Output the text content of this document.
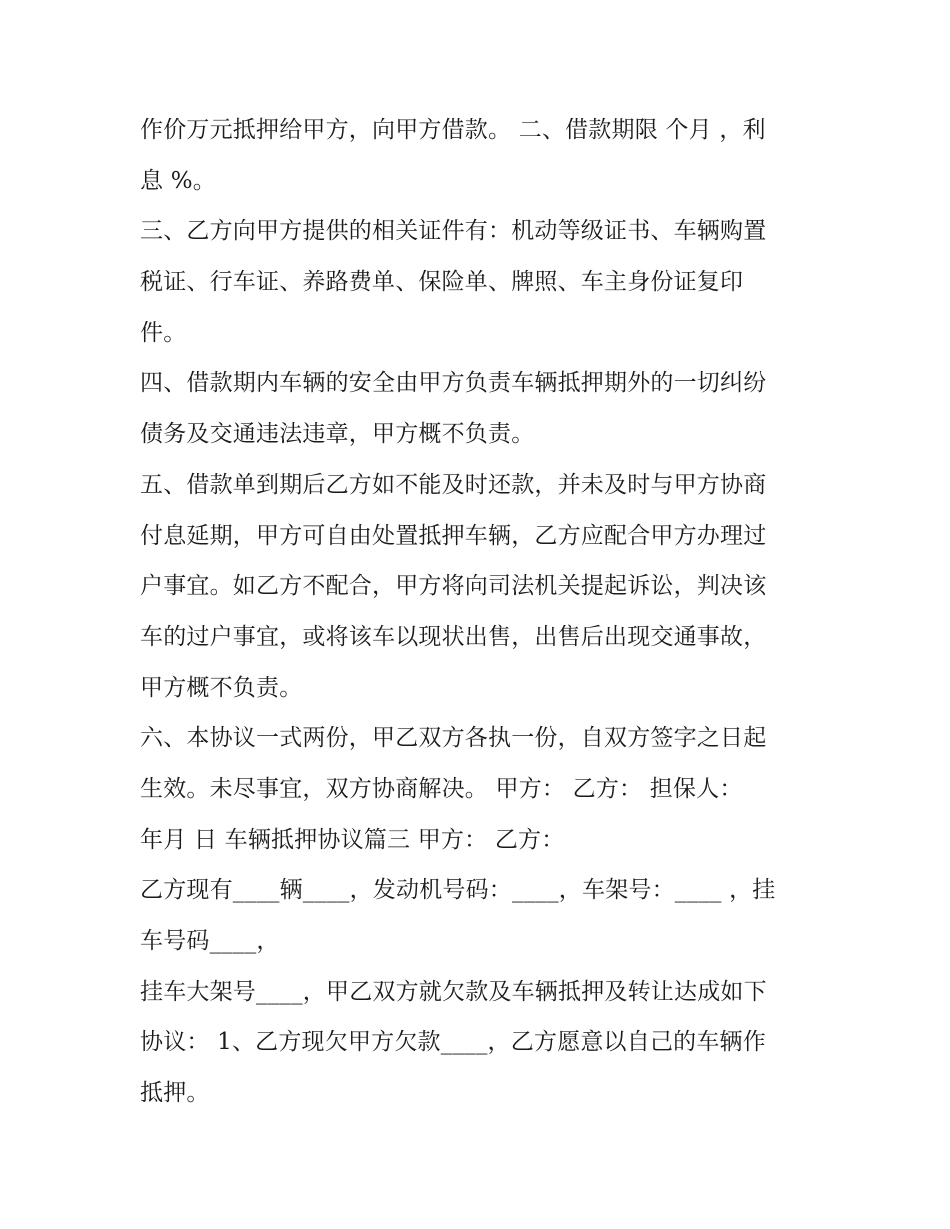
作价万元抵押给甲方，向甲方借款。 二、借款期限 个月 ，利
息 %。
三、乙方向甲方提供的相关证件有：机动等级证书、车辆购置
税证、行车证、养路费单、保险单、牌照、车主身份证复印
件。
四、借款期内车辆的安全由甲方负责车辆抵押期外的一切纠纷
债务及交通违法违章，甲方概不负责。
五、借款单到期后乙方如不能及时还款，并未及时与甲方协商
付息延期，甲方可自由处置抵押车辆，乙方应配合甲方办理过
户事宜。如乙方不配合，甲方将向司法机关提起诉讼，判决该
车的过户事宜，或将该车以现状出售，出售后出现交通事故，
甲方概不负责。
六、本协议一式两份，甲乙双方各执一份，自双方签字之日起
生效。未尽事宜，双方协商解决。 甲方： 乙方： 担保人：
年月 日 车辆抵押协议篇三 甲方： 乙方：
乙方现有____辆____，发动机号码：____，车架号：____ ，挂
车号码____，
挂车大架号____，甲乙双方就欠款及车辆抵押及转让达成如下
协议： 1、乙方现欠甲方欠款____，乙方愿意以自己的车辆作
抵押。
